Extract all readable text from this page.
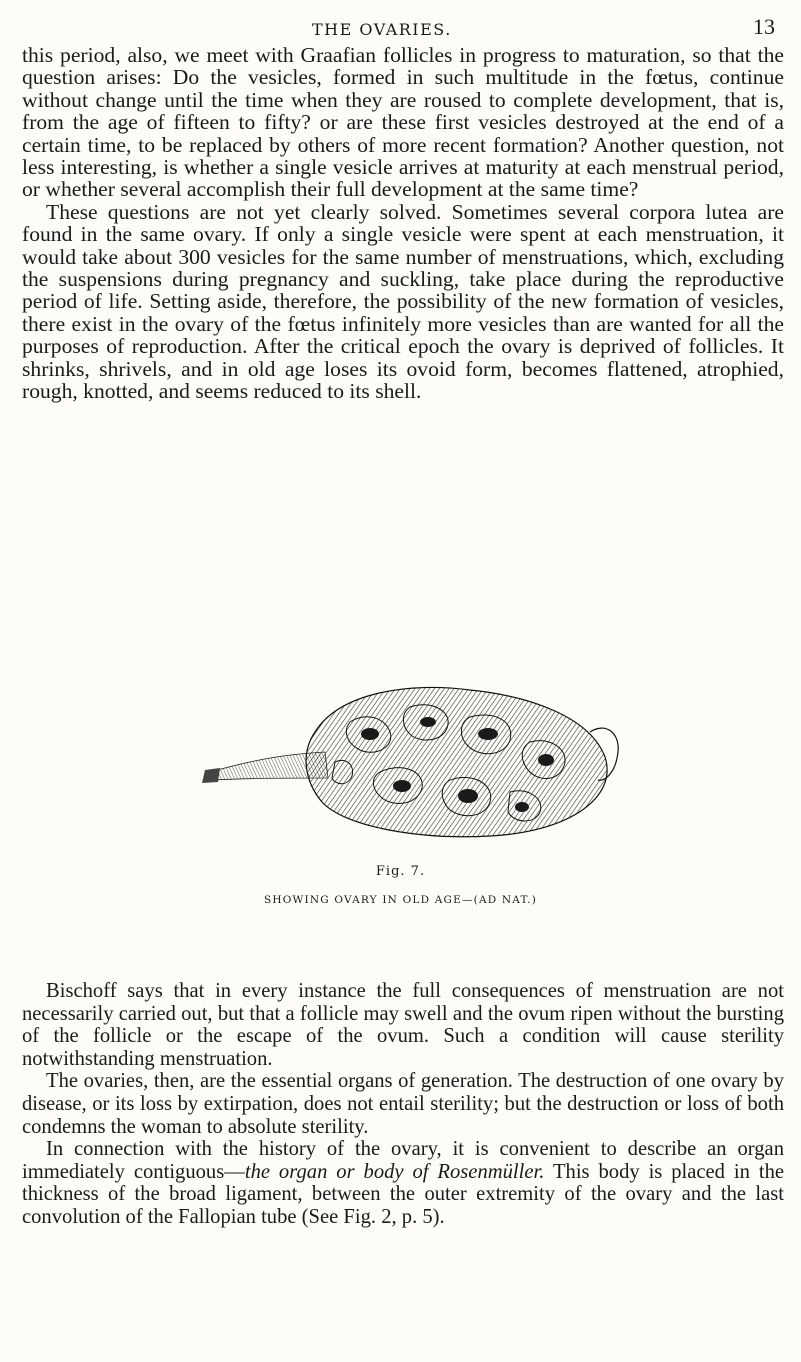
THE OVARIES.	13

this period, also, we meet with Graafian follicles in progress to maturation, so that the question arises: Do the vesicles, formed in such multitude in the fœtus, continue without change until the time when they are roused to complete development, that is, from the age of fifteen to fifty? or are these first vesicles destroyed at the end of a certain time, to be replaced by others of more recent formation? Another question, not less interesting, is whether a single vesicle arrives at maturity at each menstrual period, or whether several accomplish their full development at the same time?

These questions are not yet clearly solved. Sometimes several corpora lutea are found in the same ovary. If only a single vesicle were spent at each menstruation, it would take about 300 vesicles for the same number of menstruations, which, excluding the suspensions during pregnancy and suckling, take place during the reproductive period of life. Setting aside, therefore, the possibility of the new formation of vesicles, there exist in the ovary of the fœtus infinitely more vesicles than are wanted for all the purposes of reproduction. After the critical epoch the ovary is deprived of follicles. It shrinks, shrivels, and in old age loses its ovoid form, becomes flattened, atrophied, rough, knotted, and seems reduced to its shell.

Fig. 7.
SHOWING OVARY IN OLD AGE—(AD NAT.)

Bischoff says that in every instance the full consequences of menstruation are not necessarily carried out, but that a follicle may swell and the ovum ripen without the bursting of the follicle or the escape of the ovum. Such a condition will cause sterility notwithstanding menstruation.

The ovaries, then, are the essential organs of generation. The destruction of one ovary by disease, or its loss by extirpation, does not entail sterility; but the destruction or loss of both condemns the woman to absolute sterility.

In connection with the history of the ovary, it is convenient to describe an organ immediately contiguous—the organ or body of Rosenmüller. This body is placed in the thickness of the broad ligament, between the outer extremity of the ovary and the last convolution of the Fallopian tube (See Fig. 2, p. 5).
